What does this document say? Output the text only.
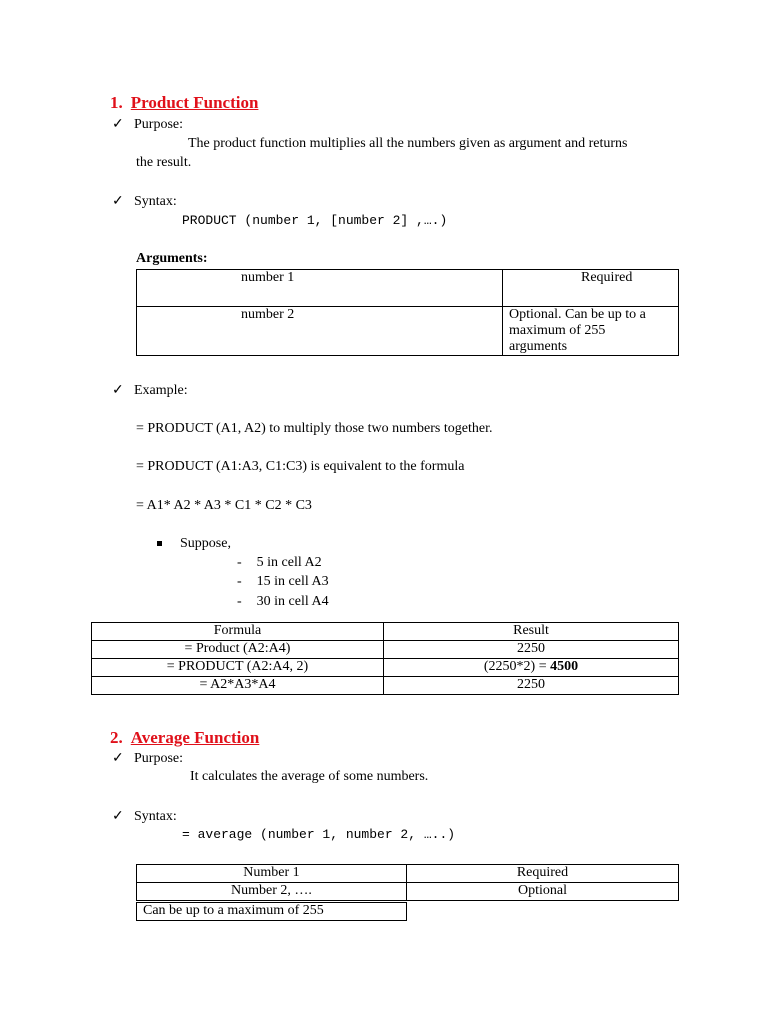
1. Product Function
✓ Purpose:
The product function multiplies all the numbers given as argument and returns
the result.
✓ Syntax:
PRODUCT (number 1, [number 2] ,….)
Arguments:
number 1	Required
number 2	Optional. Can be up to a maximum of 255
arguments
✓ Example:
= PRODUCT (A1, A2) to multiply those two numbers together.
= PRODUCT (A1:A3, C1:C3) is equivalent to the formula
= A1* A2 * A3 * C1 * C2 * C3
Suppose,
- 5 in cell A2
- 15 in cell A3
- 30 in cell A4
Formula	Result
= Product (A2:A4)	2250
= PRODUCT (A2:A4, 2)	(2250*2) = 4500
= A2*A3*A4	2250
2. Average Function
✓ Purpose:
It calculates the average of some numbers.
✓ Syntax:
= average (number 1, number 2, …..)
Number 1	Required
Number 2, ….	Optional
Can be up to a maximum of 255
